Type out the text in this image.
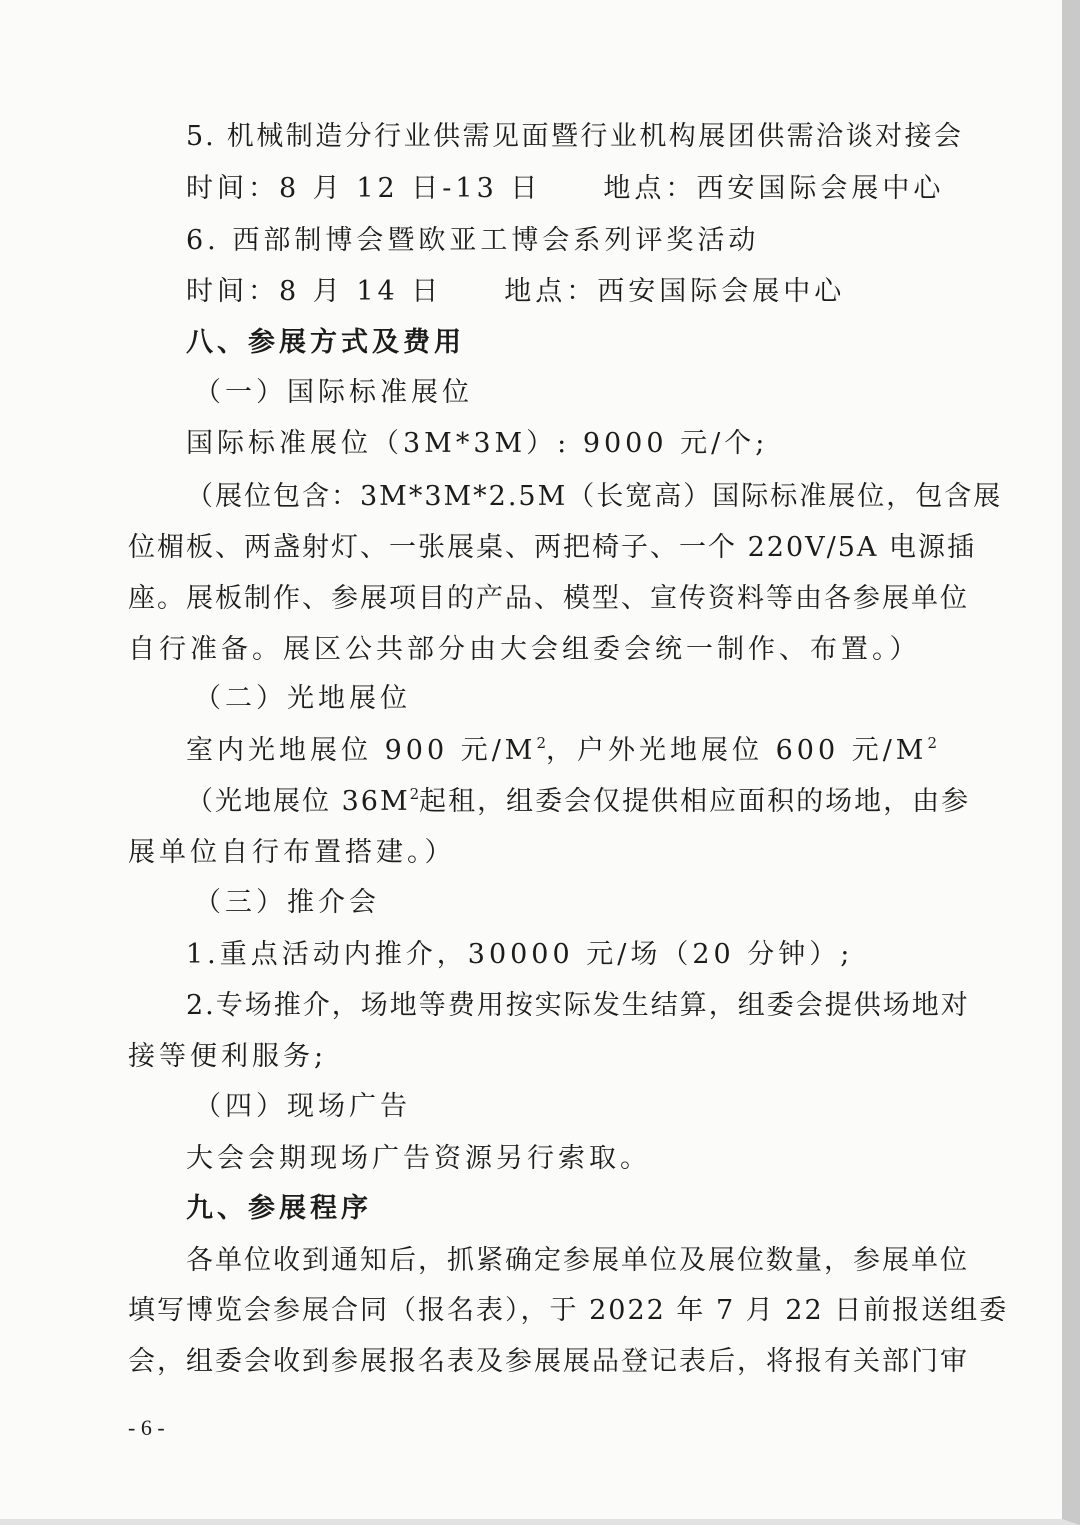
5. 机械制造分行业供需见面暨行业机构展团供需洽谈对接会
时间：8 月 12 日-13 日 地点：西安国际会展中心
6. 西部制博会暨欧亚工博会系列评奖活动
时间：8 月 14 日 地点：西安国际会展中心
八、参展方式及费用
（一）国际标准展位
国际标准展位（3M*3M）: 9000 元/个;
（展位包含：3M*3M*2.5M（长宽高）国际标准展位，包含展
位楣板、两盏射灯、一张展桌、两把椅子、一个 220V/5A 电源插
座。展板制作、参展项目的产品、模型、宣传资料等由各参展单位
自行准备。展区公共部分由大会组委会统一制作、布置。）
（二）光地展位
室内光地展位 900 元$/M^2$，户外光地展位 600 元$/M^2$
（光地展位 $36M^2$起租，组委会仅提供相应面积的场地，由参
展单位自行布置搭建。）
（三）推介会
1.重点活动内推介，30000 元/场（20 分钟）;
2.专场推介，场地等费用按实际发生结算，组委会提供场地对
接等便利服务;
（四）现场广告
大会会期现场广告资源另行索取。
九、参展程序
各单位收到通知后，抓紧确定参展单位及展位数量，参展单位
填写博览会参展合同（报名表），于 2022 年 7 月 22 日前报送组委
会，组委会收到参展报名表及参展展品登记表后，将报有关部门审
- 6 -
